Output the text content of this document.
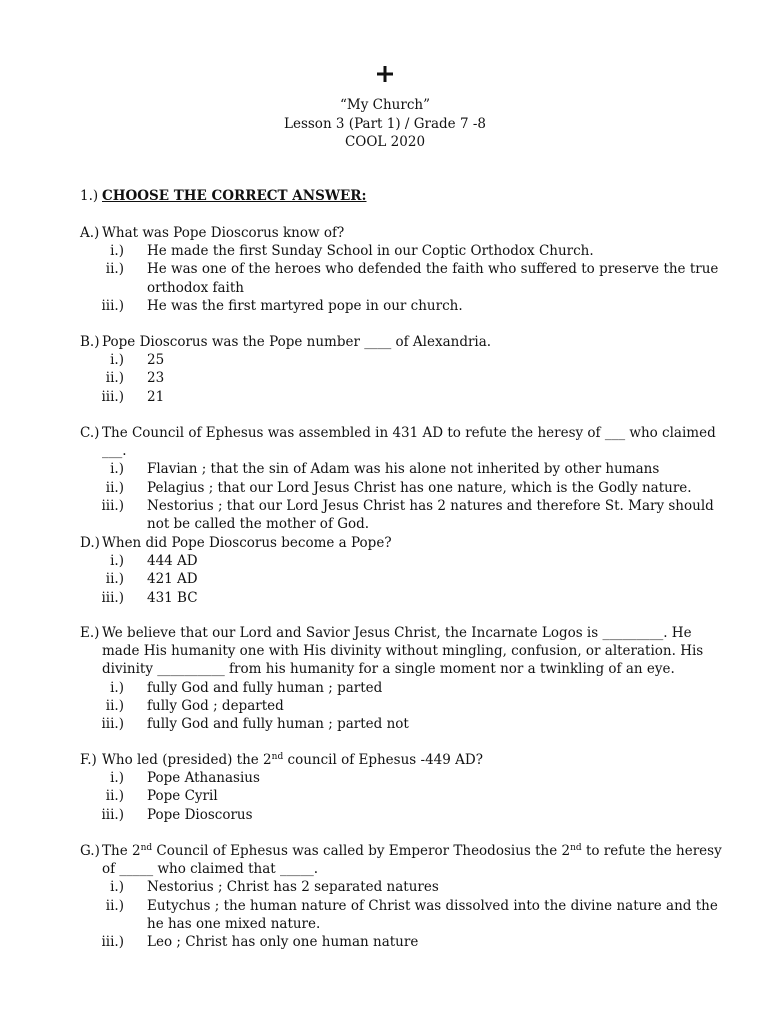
“My Church”
Lesson 3 (Part 1) / Grade 7 -8
COOL 2020
1.) CHOOSE THE CORRECT ANSWER:
A.) What was Pope Dioscorus know of?
i.) He made the first Sunday School in our Coptic Orthodox Church.
ii.) He was one of the heroes who defended the faith who suffered to preserve the true orthodox faith
iii.) He was the first martyred pope in our church.
B.) Pope Dioscorus was the Pope number ____ of Alexandria.
i.) 25
ii.) 23
iii.) 21
C.) The Council of Ephesus was assembled in 431 AD to refute the heresy of ___ who claimed ___.
i.) Flavian ; that the sin of Adam was his alone not inherited by other humans
ii.) Pelagius ; that our Lord Jesus Christ has one nature, which is the Godly nature.
iii.) Nestorius ; that our Lord Jesus Christ has 2 natures and therefore St. Mary should not be called the mother of God.
D.) When did Pope Dioscorus become a Pope?
i.) 444 AD
ii.) 421 AD
iii.) 431 BC
E.) We believe that our Lord and Savior Jesus Christ, the Incarnate Logos is _________. He made His humanity one with His divinity without mingling, confusion, or alteration. His divinity __________ from his humanity for a single moment nor a twinkling of an eye.
i.) fully God and fully human ; parted
ii.) fully God ; departed
iii.) fully God and fully human ; parted not
F.) Who led (presided) the 2nd council of Ephesus -449 AD?
i.) Pope Athanasius
ii.) Pope Cyril
iii.) Pope Dioscorus
G.) The 2nd Council of Ephesus was called by Emperor Theodosius the 2nd to refute the heresy of _____ who claimed that _____.
i.) Nestorius ; Christ has 2 separated natures
ii.) Eutychus ; the human nature of Christ was dissolved into the divine nature and the he has one mixed nature.
iii.) Leo ; Christ has only one human nature
